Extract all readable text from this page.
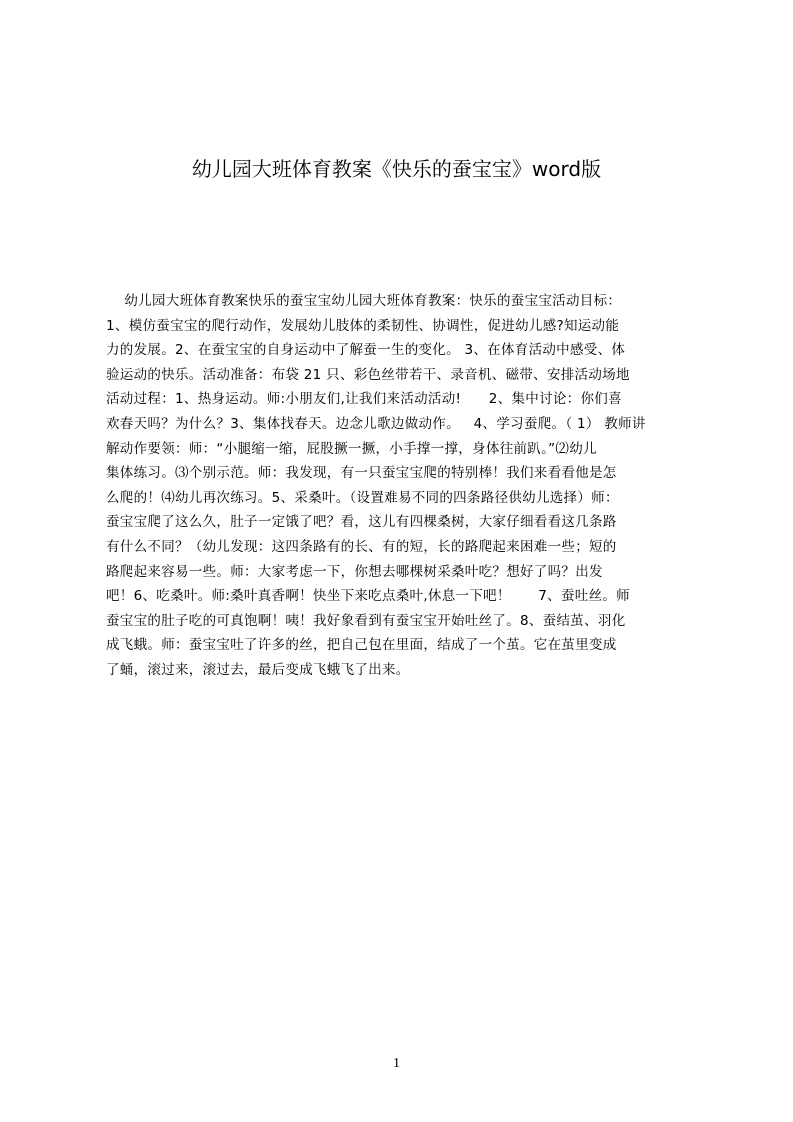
幼儿园大班体育教案《快乐的蚕宝宝》word版
幼儿园大班体育教案快乐的蚕宝宝幼儿园大班体育教案：快乐的蚕宝宝活动目标：
1、模仿蚕宝宝的爬行动作，发展幼儿肢体的柔韧性、协调性，促进幼儿感?知运动能
力的发展。2、在蚕宝宝的自身运动中了解蚕一生的变化。 3、在体育活动中感受、体
验运动的快乐。活动准备：布袋 21 只、彩色丝带若干、录音机、磁带、安排活动场地
活动过程：1、热身运动。师:小朋友们,让我们来活动活动!      2、集中讨论：你们喜
欢春天吗？为什么？3、集体找春天。边念儿歌边做动作。   4、学习蚕爬。（ 1） 教师讲
解动作要领：师：“小腿缩一缩，屁股撅一撅，小手撑一撑，身体往前趴。”⑵幼儿
集体练习。⑶个别示范。师：我发现，有一只蚕宝宝爬的特别棒！我们来看看他是怎
么爬的！⑷幼儿再次练习。5、采桑叶。（设置难易不同的四条路径供幼儿选择）师：
蚕宝宝爬了这么久，肚子一定饿了吧？看，这儿有四棵桑树，大家仔细看看这几条路
有什么不同？（幼儿发现：这四条路有的长、有的短，长的路爬起来困难一些；短的
路爬起来容易一些。师：大家考虑一下，你想去哪棵树采桑叶吃？想好了吗？出发
吧！6、吃桑叶。师:桑叶真香啊！快坐下来吃点桑叶,休息一下吧！      7、蚕吐丝。师
蚕宝宝的肚子吃的可真饱啊！咦！我好象看到有蚕宝宝开始吐丝了。8、蚕结茧、羽化
成飞蛾。师：蚕宝宝吐了许多的丝，把自己包在里面，结成了一个茧。它在茧里变成
了蛹，滚过来，滚过去，最后变成飞蛾飞了出来。
1
